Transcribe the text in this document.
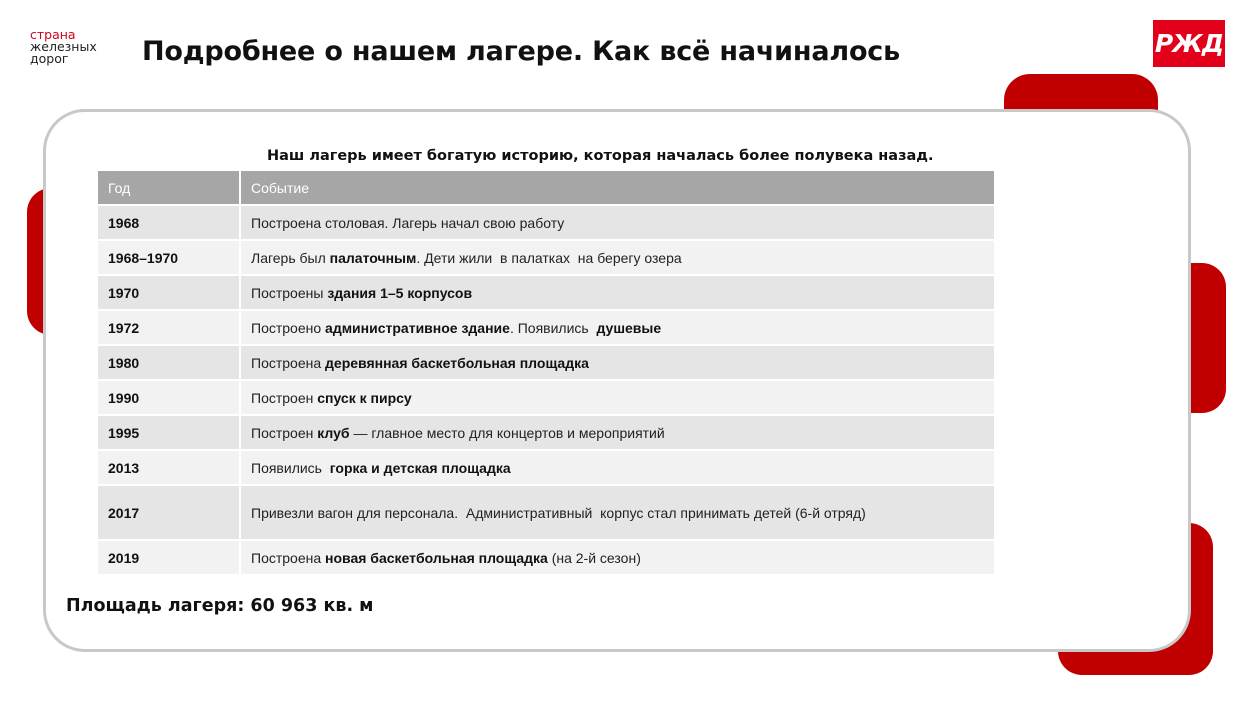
страна
железных
дорог	Подробнее о нашем лагере. Как всё начиналось	РЖД
Наш лагерь имеет богатую историю, которая началась более полувека назад.
Год	Событие
1968	Построена столовая. Лагерь начал свою работу
1968–1970	Лагерь был палаточным. Дети жили  в палатках  на берегу озера
1970	Построены здания 1–5 корпусов
1972	Построено административное здание. Появились  душевые
1980	Построена деревянная баскетбольная площадка
1990	Построен спуск к пирсу
1995	Построен клуб — главное место для концертов и мероприятий
2013	Появились  горка и детская площадка
2017	Привезли вагон для персонала.  Административный  корпус стал принимать детей (6-й отряд)
2019	Построена новая баскетбольная площадка (на 2-й сезон)
Площадь лагеря: 60 963 кв. м
